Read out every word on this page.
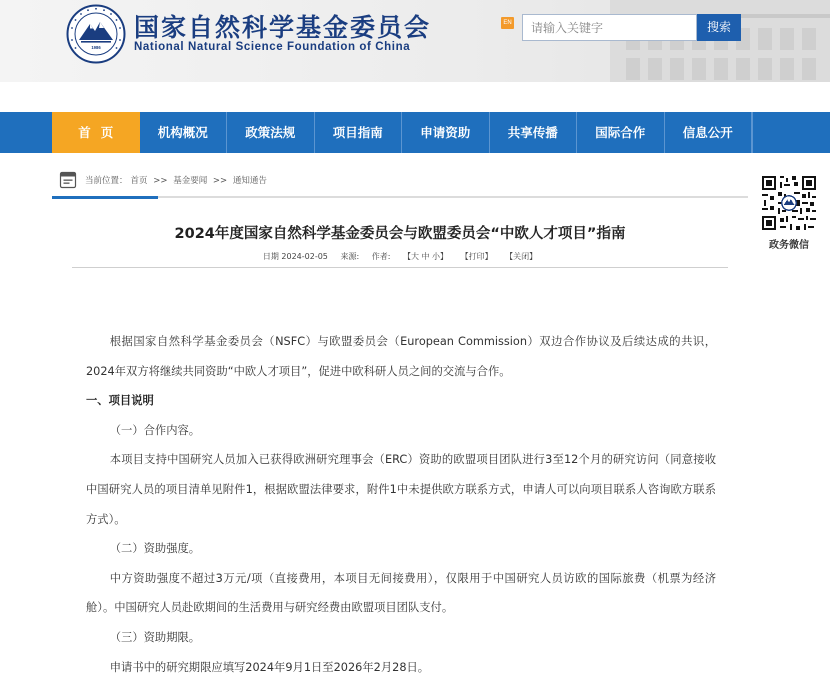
1986
国家自然科学基金委员会
National Natural Science Foundation of China
EN
请输入关键字	搜索
首页	机构概况	政策法规	项目指南	申请资助	共享传播	国际合作	信息公开
当前位置： 首页 >> 基金要闻 >> 通知通告
政务微信
2024年度国家自然科学基金委员会与欧盟委员会“中欧人才项目”指南
日期 2024-02-05 来源: 作者: 【大 中 小】 【打印】 【关闭】

根据国家自然科学基金委员会（NSFC）与欧盟委员会（European Commission）双边合作协议及后续达成的共识，2024年双方将继续共同资助“中欧人才项目”，促进中欧科研人员之间的交流与合作。

一、项目说明

（一）合作内容。

本项目支持中国研究人员加入已获得欧洲研究理事会（ERC）资助的欧盟项目团队进行3至12个月的研究访问（同意接收中国研究人员的项目清单见附件1，根据欧盟法律要求，附件1中未提供欧方联系方式，申请人可以向项目联系人咨询欧方联系方式）。

（二）资助强度。

中方资助强度不超过3万元/项（直接费用，本项目无间接费用），仅限用于中国研究人员访欧的国际旅费（机票为经济舱）。中国研究人员赴欧期间的生活费用与研究经费由欧盟项目团队支付。

（三）资助期限。

申请书中的研究期限应填写2024年9月1日至2026年2月28日。
